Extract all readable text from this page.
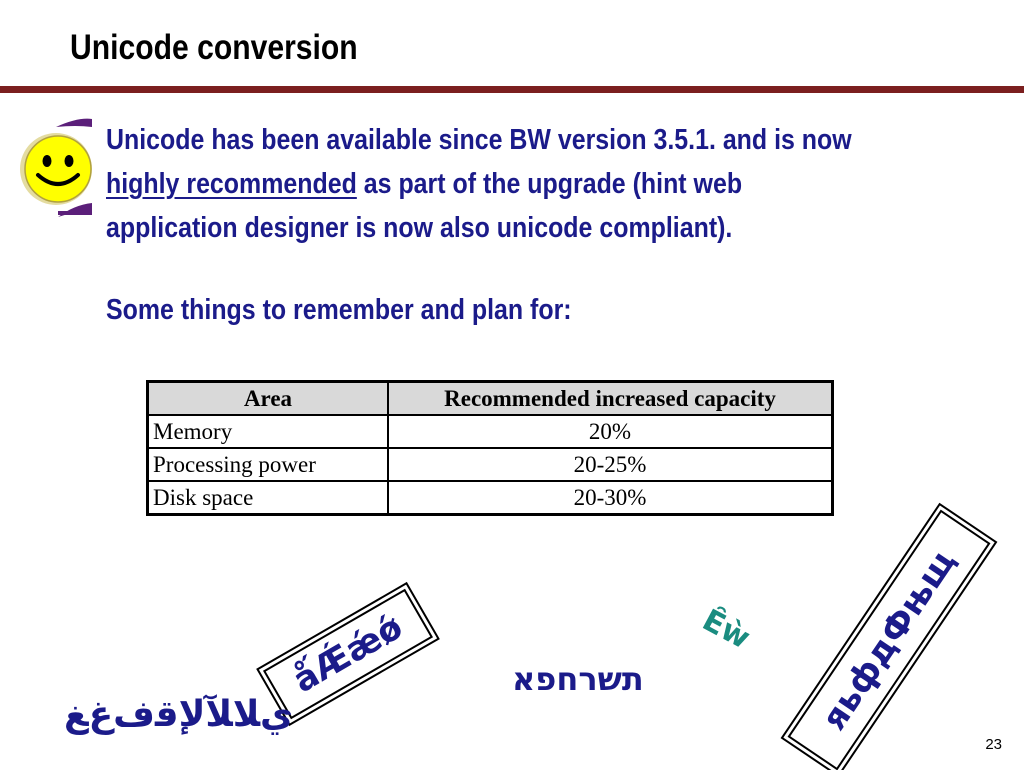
Unicode conversion

Unicode has been available since BW version 3.5.1. and is now
highly recommended as part of the upgrade (hint web application designer is now also unicode compliant).

Some things to remember and plan for:

Area	Recommended increased capacity
Memory	20%
Processing power	20-25%
Disk space	20-30%
ǻǼǽǿ	תשרחפא
Ȇẁ	яьфдФњщ
ﻱﻼﻶﻹﻗﻑﻍﻎ
23
